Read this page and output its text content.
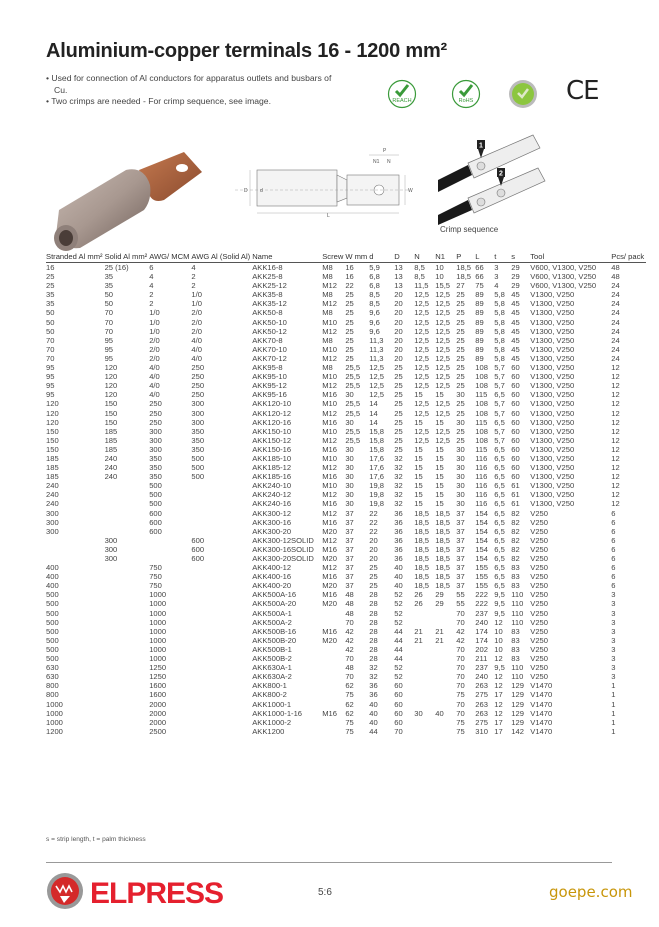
Aluminium-copper terminals 16 - 1200 mm²
• Used for connection of Al conductors for apparatus outlets and busbars of Cu.
• Two crimps are needed - For crimp sequence, see image.	REACH	RoHS	CE
L
D d
P
N1 N
W
1
2
Crimp sequence
Stranded Al mm²	Solid Al mm²	AWG/ MCM	AWG Al (Solid Al)	Name	Screw	W mm	d	D	N	N1	P	L	t	s	Tool	Pcs/ pack
16	25 (16)	6	4	AKK16-8	M8	16	5,9	13	8,5	10	18,5	66	3	29	V600, V1300, V250	48
25	35	4	2	AKK25-8	M8	16	6,8	13	8,5	10	18,5	66	3	29	V600, V1300, V250	48
25	35	4	2	AKK25-12	M12	22	6,8	13	11,5	15,5	27	75	4	29	V600, V1300, V250	24
35	50	2	1/0	AKK35-8	M8	25	8,5	20	12,5	12,5	25	89	5,8	45	V1300, V250	24
35	50	2	1/0	AKK35-12	M12	25	8,5	20	12,5	12,5	25	89	5,8	45	V1300, V250	24
50	70	1/0	2/0	AKK50-8	M8	25	9,6	20	12,5	12,5	25	89	5,8	45	V1300, V250	24
50	70	1/0	2/0	AKK50-10	M10	25	9,6	20	12,5	12,5	25	89	5,8	45	V1300, V250	24
50	70	1/0	2/0	AKK50-12	M12	25	9,6	20	12,5	12,5	25	89	5,8	45	V1300, V250	24
70	95	2/0	4/0	AKK70-8	M8	25	11,3	20	12,5	12,5	25	89	5,8	45	V1300, V250	24
70	95	2/0	4/0	AKK70-10	M10	25	11,3	20	12,5	12,5	25	89	5,8	45	V1300, V250	24
70	95	2/0	4/0	AKK70-12	M12	25	11,3	20	12,5	12,5	25	89	5,8	45	V1300, V250	24
95	120	4/0	250	AKK95-8	M8	25,5	12,5	25	12,5	12,5	25	108	5,7	60	V1300, V250	12
95	120	4/0	250	AKK95-10	M10	25,5	12,5	25	12,5	12,5	25	108	5,7	60	V1300, V250	12
95	120	4/0	250	AKK95-12	M12	25,5	12,5	25	12,5	12,5	25	108	5,7	60	V1300, V250	12
95	120	4/0	250	AKK95-16	M16	30	12,5	25	15	15	30	115	6,5	60	V1300, V250	12
120	150	250	300	AKK120-10	M10	25,5	14	25	12,5	12,5	25	108	5,7	60	V1300, V250	12
120	150	250	300	AKK120-12	M12	25,5	14	25	12,5	12,5	25	108	5,7	60	V1300, V250	12
120	150	250	300	AKK120-16	M16	30	14	25	15	15	30	115	6,5	60	V1300, V250	12
150	185	300	350	AKK150-10	M10	25,5	15,8	25	12,5	12,5	25	108	5,7	60	V1300, V250	12
150	185	300	350	AKK150-12	M12	25,5	15,8	25	12,5	12,5	25	108	5,7	60	V1300, V250	12
150	185	300	350	AKK150-16	M16	30	15,8	25	15	15	30	115	6,5	60	V1300, V250	12
185	240	350	500	AKK185-10	M10	30	17,6	32	15	15	30	116	6,5	60	V1300, V250	12
185	240	350	500	AKK185-12	M12	30	17,6	32	15	15	30	116	6,5	60	V1300, V250	12
185	240	350	500	AKK185-16	M16	30	17,6	32	15	15	30	116	6,5	60	V1300, V250	12
240		500		AKK240-10	M10	30	19,8	32	15	15	30	116	6,5	61	V1300, V250	12
240		500		AKK240-12	M12	30	19,8	32	15	15	30	116	6,5	61	V1300, V250	12
240		500		AKK240-16	M16	30	19,8	32	15	15	30	116	6,5	61	V1300, V250	12
300		600		AKK300-12	M12	37	22	36	18,5	18,5	37	154	6,5	82	V250	6
300		600		AKK300-16	M16	37	22	36	18,5	18,5	37	154	6,5	82	V250	6
300		600		AKK300-20	M20	37	22	36	18,5	18,5	37	154	6,5	82	V250	6
	300		600	AKK300-12SOLID	M12	37	20	36	18,5	18,5	37	154	6,5	82	V250	6
	300		600	AKK300-16SOLID	M16	37	20	36	18,5	18,5	37	154	6,5	82	V250	6
	300		600	AKK300-20SOLID	M20	37	20	36	18,5	18,5	37	154	6,5	82	V250	6
400		750		AKK400-12	M12	37	25	40	18,5	18,5	37	155	6,5	83	V250	6
400		750		AKK400-16	M16	37	25	40	18,5	18,5	37	155	6,5	83	V250	6
400		750		AKK400-20	M20	37	25	40	18,5	18,5	37	155	6,5	83	V250	6
500		1000		AKK500A-16	M16	48	28	52	26	29	55	222	9,5	110	V250	3
500		1000		AKK500A-20	M20	48	28	52	26	29	55	222	9,5	110	V250	3
500		1000		AKK500A-1		48	28	52			70	237	9,5	110	V250	3
500		1000		AKK500A-2		70	28	52			70	240	12	110	V250	3
500		1000		AKK500B-16	M16	42	28	44	21	21	42	174	10	83	V250	3
500		1000		AKK500B-20	M20	42	28	44	21	21	42	174	10	83	V250	3
500		1000		AKK500B-1		42	28	44			70	202	10	83	V250	3
500		1000		AKK500B-2		70	28	44			70	211	12	83	V250	3
630		1250		AKK630A-1		48	32	52			70	237	9,5	110	V250	3
630		1250		AKK630A-2		70	32	52			70	240	12	110	V250	3
800		1600		AKK800-1		62	36	60			70	263	12	129	V1470	1
800		1600		AKK800-2		75	36	60			75	275	17	129	V1470	1
1000		2000		AKK1000-1		62	40	60			70	263	12	129	V1470	1
1000		2000		AKK1000-1-16	M16	62	40	60	30	40	70	263	12	129	V1470	1
1000		2000		AKK1000-2		75	40	60			75	275	17	129	V1470	1
1200		2500		AKK1200		75	44	70			75	310	17	142	V1470	1
s = strip length, t = palm thickness
ELPRESS	5:6	goepe.com
